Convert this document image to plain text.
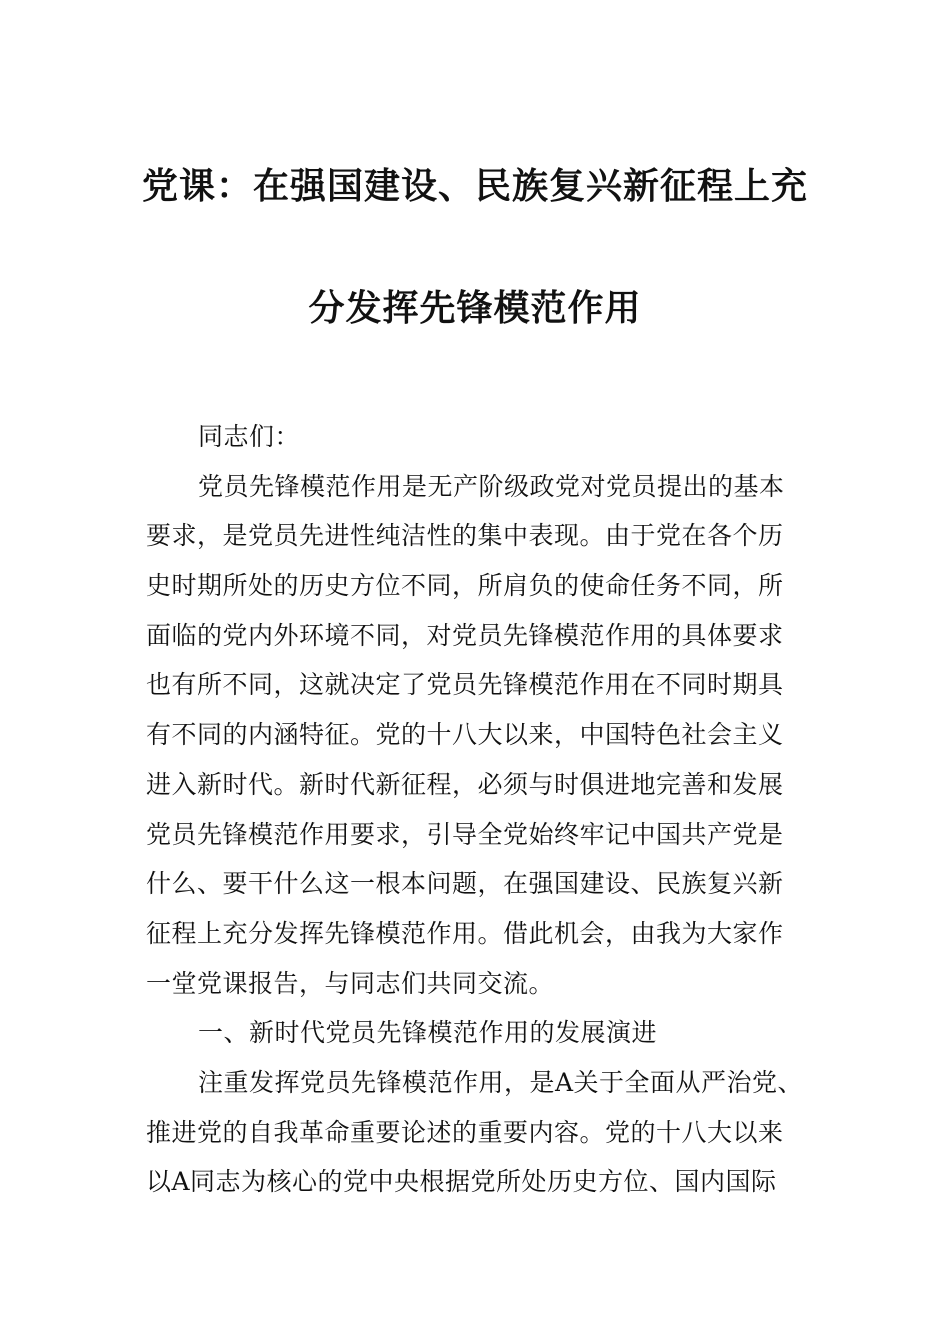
党课：在强国建设、民族复兴新征程上充
分发挥先锋模范作用
同志们：
党员先锋模范作用是无产阶级政党对党员提出的基本
要求，是党员先进性纯洁性的集中表现。由于党在各个历
史时期所处的历史方位不同，所肩负的使命任务不同，所
面临的党内外环境不同，对党员先锋模范作用的具体要求
也有所不同，这就决定了党员先锋模范作用在不同时期具
有不同的内涵特征。党的十八大以来，中国特色社会主义
进入新时代。新时代新征程，必须与时俱进地完善和发展
党员先锋模范作用要求，引导全党始终牢记中国共产党是
什么、要干什么这一根本问题，在强国建设、民族复兴新
征程上充分发挥先锋模范作用。借此机会，由我为大家作
一堂党课报告，与同志们共同交流。
一、新时代党员先锋模范作用的发展演进
注重发挥党员先锋模范作用，是A关于全面从严治党、
推进党的自我革命重要论述的重要内容。党的十八大以来
以A同志为核心的党中央根据党所处历史方位、国内国际
